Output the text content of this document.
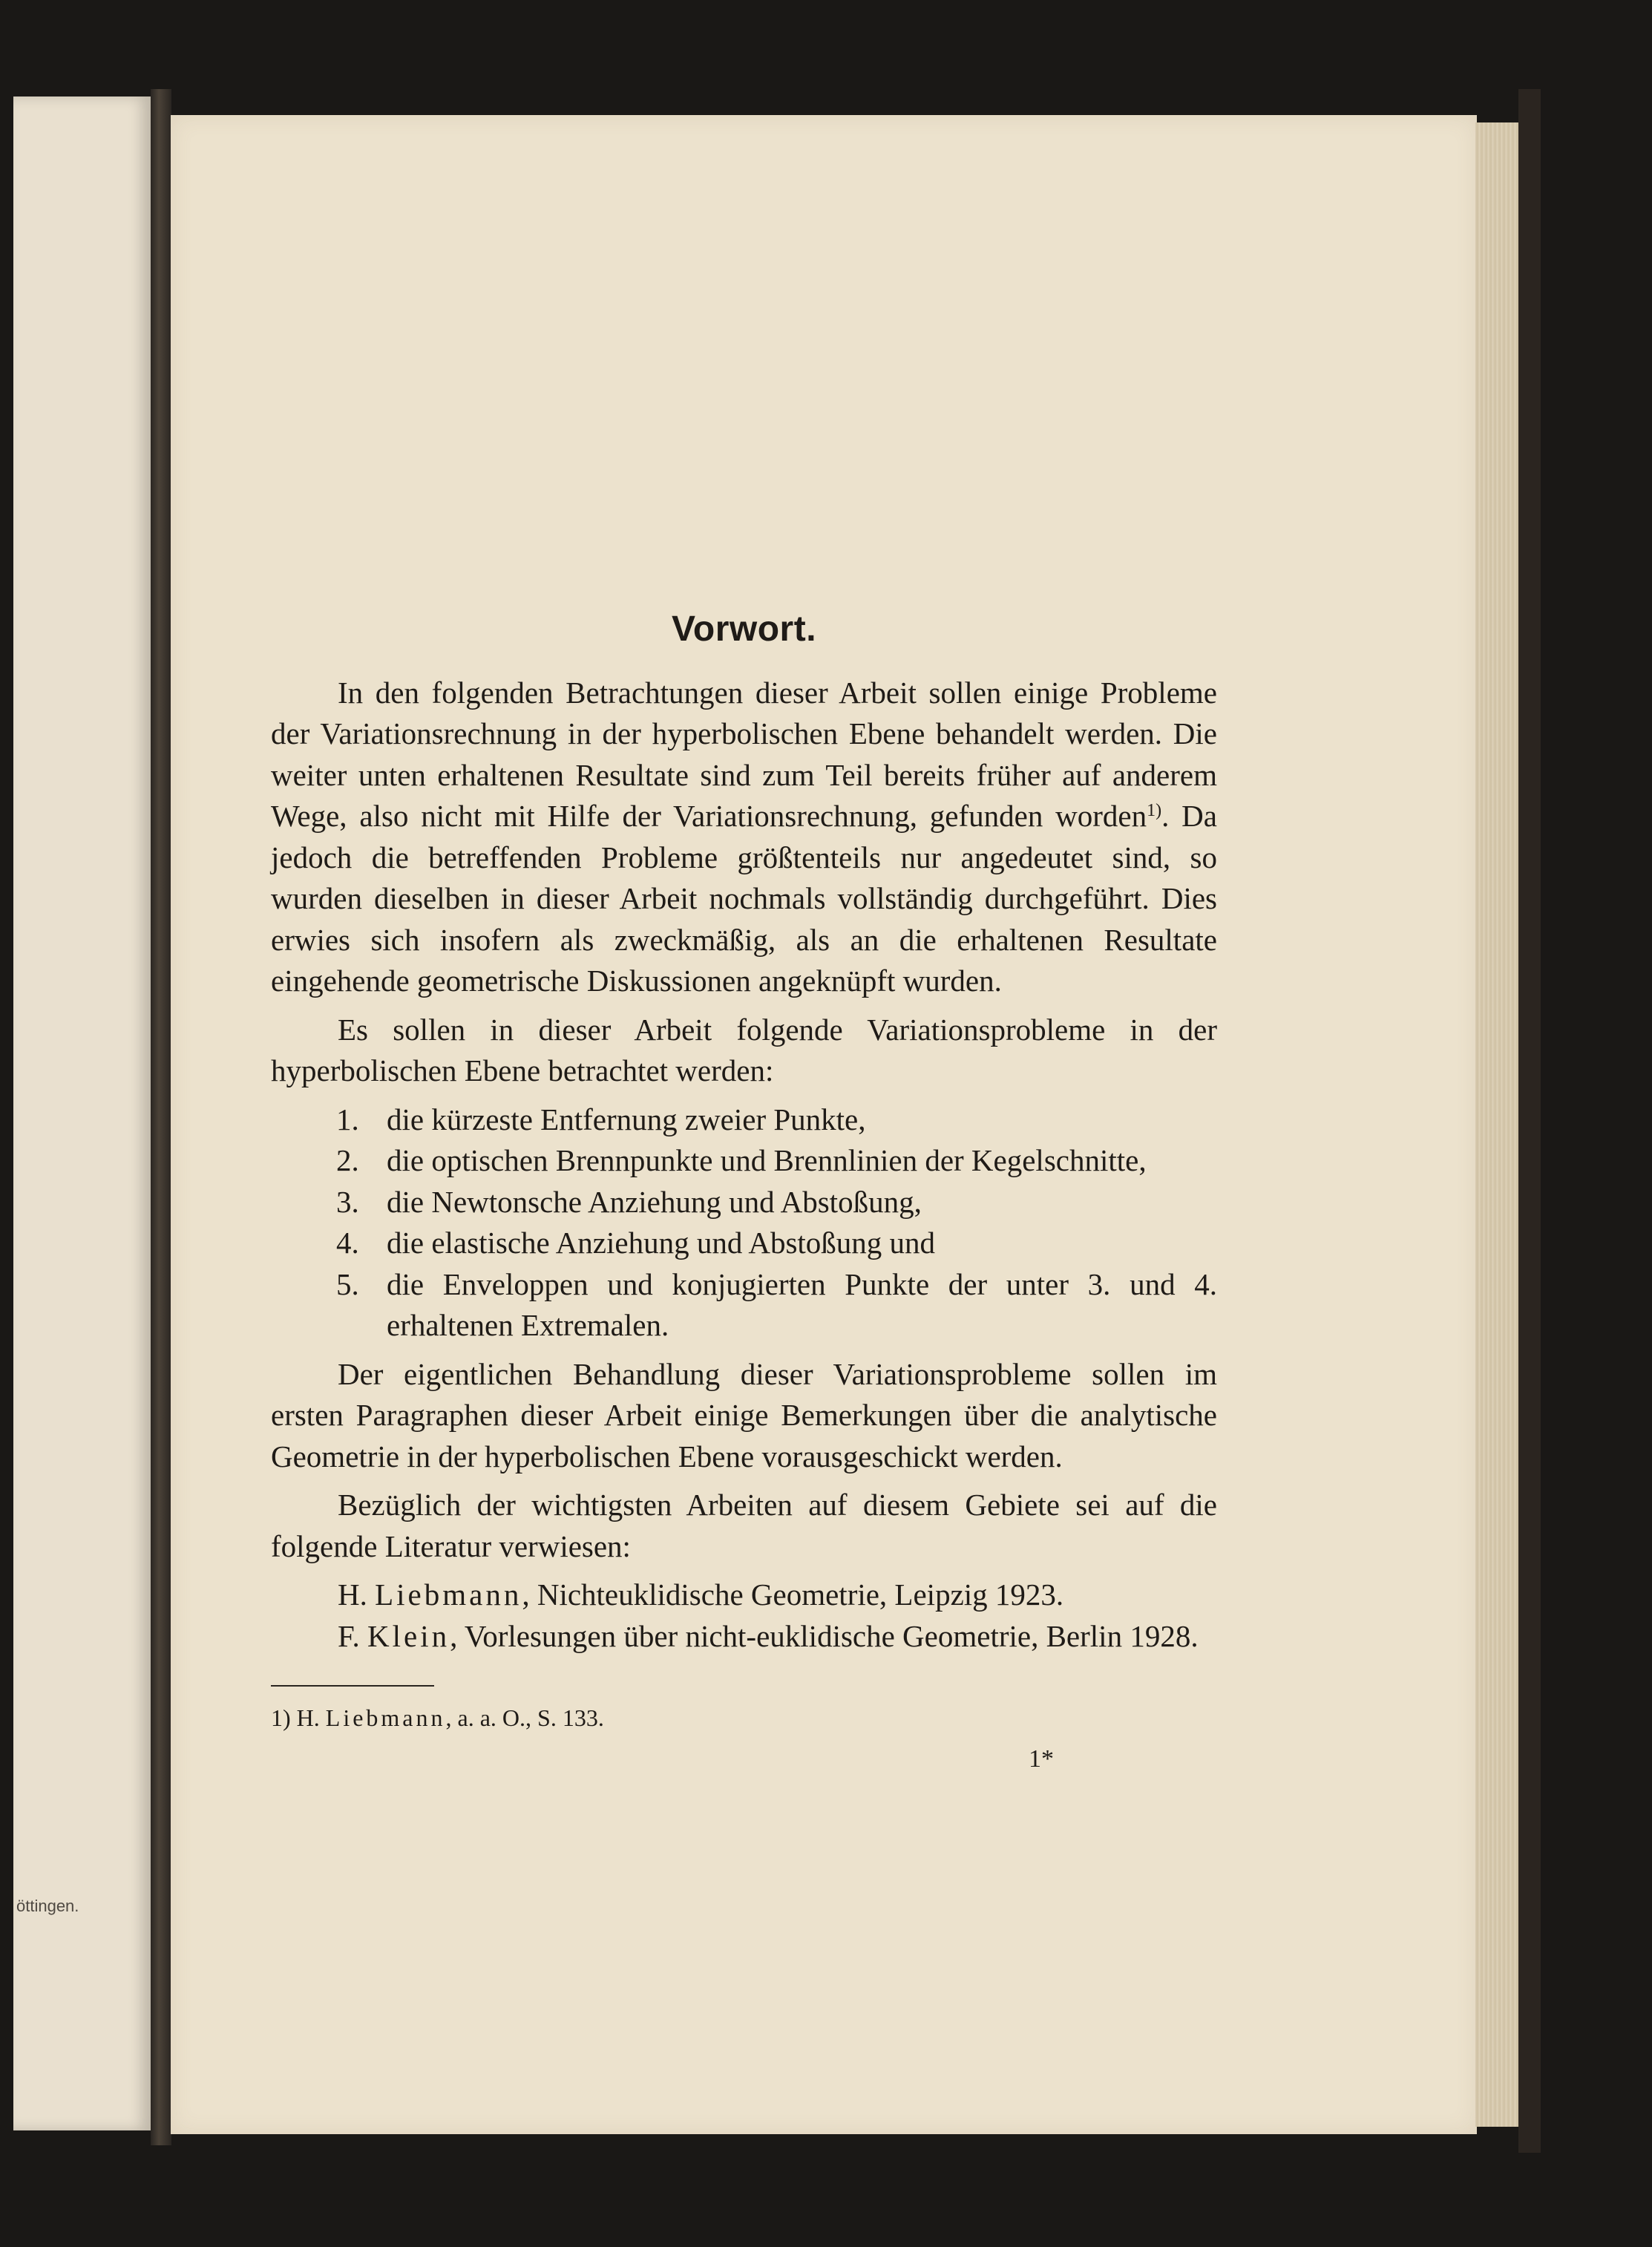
öttingen.
Vorwort.

In den folgenden Betrachtungen dieser Arbeit sollen einige Probleme der Variationsrechnung in der hyperbolischen Ebene behandelt werden. Die weiter unten erhaltenen Resultate sind zum Teil bereits früher auf anderem Wege, also nicht mit Hilfe der Variationsrechnung, gefunden worden$^{1)}$. Da jedoch die betreffenden Probleme größtenteils nur angedeutet sind, so wurden dieselben in dieser Arbeit nochmals vollständig durchgeführt. Dies erwies sich insofern als zweckmäßig, als an die erhaltenen Resultate eingehende geometrische Diskussionen angeknüpft wurden.

Es sollen in dieser Arbeit folgende Variationsprobleme in der hyperbolischen Ebene betrachtet werden:

1. die kürzeste Entfernung zweier Punkte,
2. die optischen Brennpunkte und Brennlinien der Kegelschnitte,
3. die Newtonsche Anziehung und Abstoßung,
4. die elastische Anziehung und Abstoßung und
5. die Enveloppen und konjugierten Punkte der unter 3. und 4. erhaltenen Extremalen.

Der eigentlichen Behandlung dieser Variationsprobleme sollen im ersten Paragraphen dieser Arbeit einige Bemerkungen über die analytische Geometrie in der hyperbolischen Ebene vorausgeschickt werden.

Bezüglich der wichtigsten Arbeiten auf diesem Gebiete sei auf die folgende Literatur verwiesen:

H. Liebmann, Nichteuklidische Geometrie, Leipzig 1923.
F. Klein, Vorlesungen über nicht-euklidische Geometrie, Berlin 1928.
1) H. Liebmann, a. a. O., S. 133.
1*
